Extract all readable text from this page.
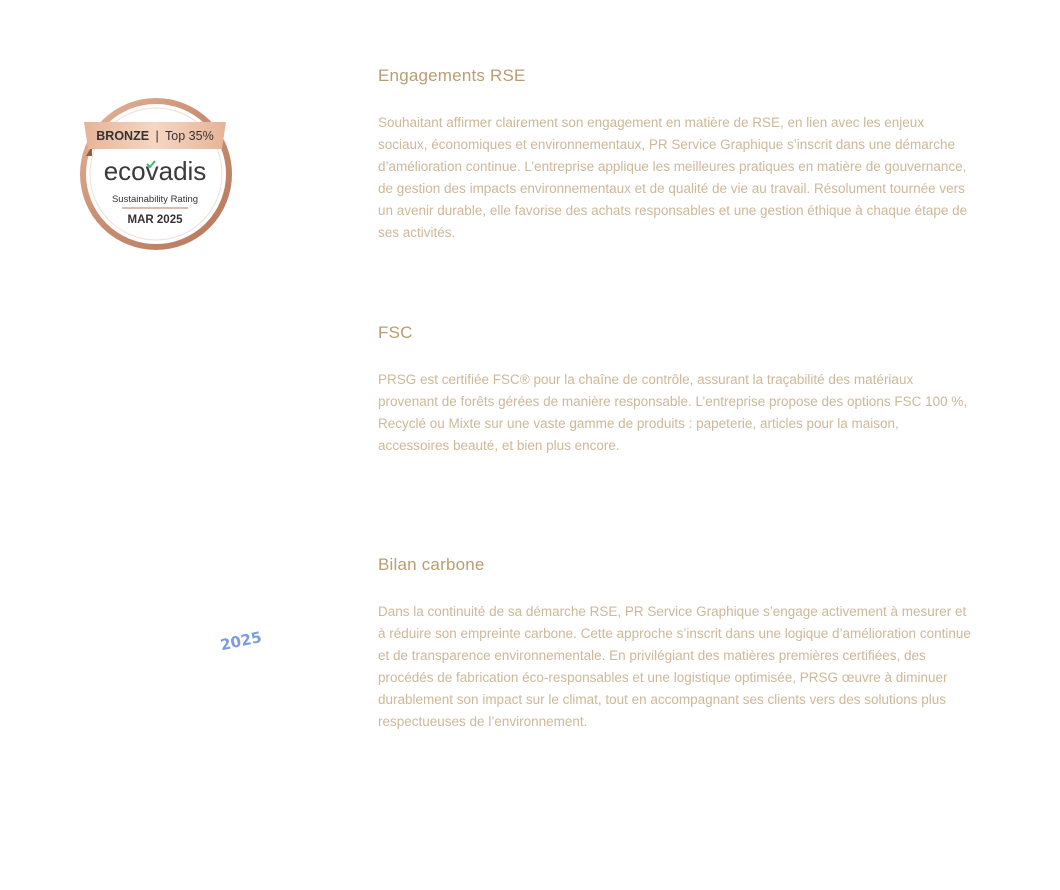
BRONZE | Top 35%
ecovadis
Sustainability Rating
MAR 2025
2025
Engagements RSE

Souhaitant affirmer clairement son engagement en matière de RSE, en lien avec les enjeux sociaux, économiques et environnementaux, PR Service Graphique s’inscrit dans une démarche d’amélioration continue. L’entreprise applique les meilleures pratiques en matière de gouvernance, de gestion des impacts environnementaux et de qualité de vie au travail. Résolument tournée vers un avenir durable, elle favorise des achats responsables et une gestion éthique à chaque étape de ses activités.

FSC

PRSG est certifiée FSC® pour la chaîne de contrôle, assurant la traçabilité des matériaux provenant de forêts gérées de manière responsable. L’entreprise propose des options FSC 100 %, Recyclé ou Mixte sur une vaste gamme de produits : papeterie, articles pour la maison, accessoires beauté, et bien plus encore.

Bilan carbone

Dans la continuité de sa démarche RSE, PR Service Graphique s’engage activement à mesurer et à réduire son empreinte carbone. Cette approche s’inscrit dans une logique d’amélioration continue et de transparence environnementale. En privilégiant des matières premières certifiées, des procédés de fabrication éco-responsables et une logistique optimisée, PRSG œuvre à diminuer durablement son impact sur le climat, tout en accompagnant ses clients vers des solutions plus respectueuses de l’environnement.
